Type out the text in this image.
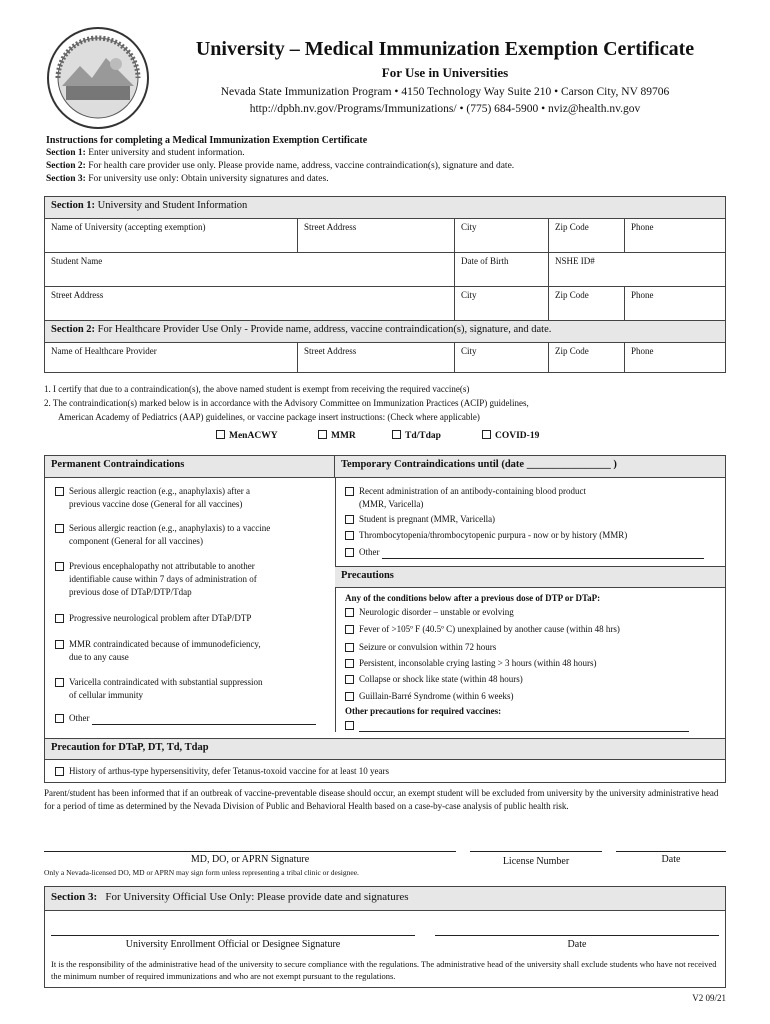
University – Medical Immunization Exemption Certificate
For Use in Universities
Nevada State Immunization Program • 4150 Technology Way Suite 210 • Carson City, NV 89706
http://dpbh.nv.gov/Programs/Immunizations/ • (775) 684-5900 • nviz@health.nv.gov
Instructions for completing a Medical Immunization Exemption Certificate
Section 1: Enter university and student information.
Section 2: For health care provider use only. Please provide name, address, vaccine contraindication(s), signature and date.
Section 3: For university use only: Obtain university signatures and dates.
Section 1: University and Student Information
Name of University (accepting exemption)	Street Address	City	Zip Code	Phone
Student Name	Date of Birth	NSHE ID#
Street Address	City	Zip Code	Phone
Section 2: For Healthcare Provider Use Only - Provide name, address, vaccine contraindication(s), signature, and date.
Name of Healthcare Provider	Street Address	City	Zip Code	Phone
1. I certify that due to a contraindication(s), the above named student is exempt from receiving the required vaccine(s)
2. The contraindication(s) marked below is in accordance with the Advisory Committee on Immunization Practices (ACIP) guidelines,
American Academy of Pediatrics (AAP) guidelines, or vaccine package insert instructions: (Check where applicable)
MenACWY	MMR	Td/Tdap	COVID-19
Permanent Contraindications	Temporary Contraindications until (date ________________ )
Serious allergic reaction (e.g., anaphylaxis) after a
previous vaccine dose (General for all vaccines)
Serious allergic reaction (e.g., anaphylaxis) to a vaccine
component (General for all vaccines)
Previous encephalopathy not attributable to another
identifiable cause within 7 days of administration of
previous dose of DTaP/DTP/Tdap
Progressive neurological problem after DTaP/DTP
MMR contraindicated because of immunodeficiency,
due to any cause
Varicella contraindicated with substantial suppression
of cellular immunity
Other
Recent administration of an antibody-containing blood product
(MMR, Varicella)
Student is pregnant (MMR, Varicella)
Thrombocytopenia/thrombocytopenic purpura - now or by history (MMR)
Other
Precautions
Any of the conditions below after a previous dose of DTP or DTaP:
Neurologic disorder – unstable or evolving
Fever of >105º F (40.5º C) unexplained by another cause (within 48 hrs)
Seizure or convulsion within 72 hours
Persistent, inconsolable crying lasting > 3 hours (within 48 hours)
Collapse or shock like state (within 48 hours)
Guillain-Barré Syndrome (within 6 weeks)
Other precautions for required vaccines:
Precaution for DTaP, DT, Td, Tdap
History of arthus-type hypersensitivity, defer Tetanus-toxoid vaccine for at least 10 years
Parent/student has been informed that if an outbreak of vaccine-preventable disease should occur, an exempt student will be excluded from university by the university administrative head for a period of time as determined by the Nevada Division of Public and Behavioral Health based on a case-by-case analysis of public health risk.
MD, DO, or APRN Signature
Only a Nevada-licensed DO, MD or APRN may sign form unless representing a tribal clinic or designee.
License Number	Date
Section 3: For University Official Use Only: Please provide date and signatures
University Enrollment Official or Designee Signature	Date
It is the responsibility of the administrative head of the university to secure compliance with the regulations. The administrative head of the university shall exclude students who have not received the minimum number of required immunizations and who are not exempt pursuant to the regulations.
V2 09/21
